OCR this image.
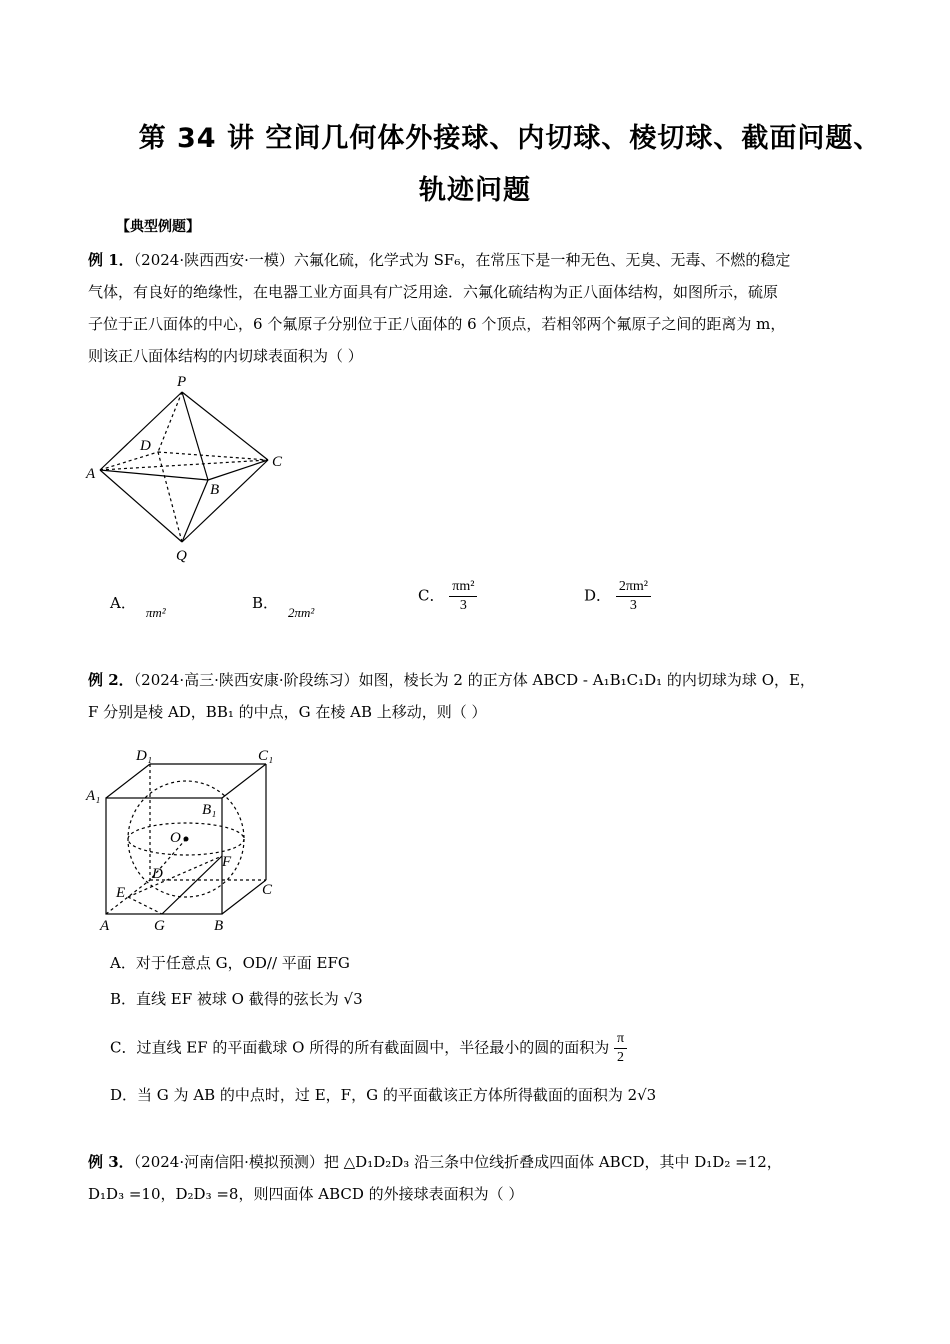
第 34 讲 空间几何体外接球、内切球、棱切球、截面问题、
轨迹问题
【典型例题】
例 1．（2024·陕西西安·一模）六氟化硫，化学式为 SF₆，在常压下是一种无色、无臭、无毒、不燃的稳定
气体，有良好的绝缘性，在电器工业方面具有广泛用途．六氟化硫结构为正八面体结构，如图所示，硫原
子位于正八面体的中心，6 个氟原子分别位于正八面体的 6 个顶点，若相邻两个氟原子之间的距离为 m，
则该正八面体结构的内切球表面积为（ ）
P
D
A
C
B
Q
A．πm²
B．2πm²
C． $\frac{\text{πm²}}{3}$	D． $\frac{\text{2πm²}}{3}$
例 2．（2024·高三·陕西安康·阶段练习）如图，棱长为 2 的正方体 ABCD - A₁B₁C₁D₁ 的内切球为球 O，E，
F 分别是棱 AD，BB₁ 的中点，G 在棱 AB 上移动，则（ ）
D₁	C₁
A₁
B₁
O
F
D
E	C
A	G	B
A．对于任意点 G，OD// 平面 EFG
B．直线 EF 被球 O 截得的弦长为 √3
C．过直线 EF 的平面截球 O 所得的所有截面圆中，半径最小的圆的面积为 $\frac{\pi}{2}$
D．当 G 为 AB 的中点时，过 E，F，G 的平面截该正方体所得截面的面积为 2√3
例 3．（2024·河南信阳·模拟预测）把 △D₁D₂D₃ 沿三条中位线折叠成四面体 ABCD，其中 D₁D₂ =12，
D₁D₃ =10，D₂D₃ =8，则四面体 ABCD 的外接球表面积为（ ）
